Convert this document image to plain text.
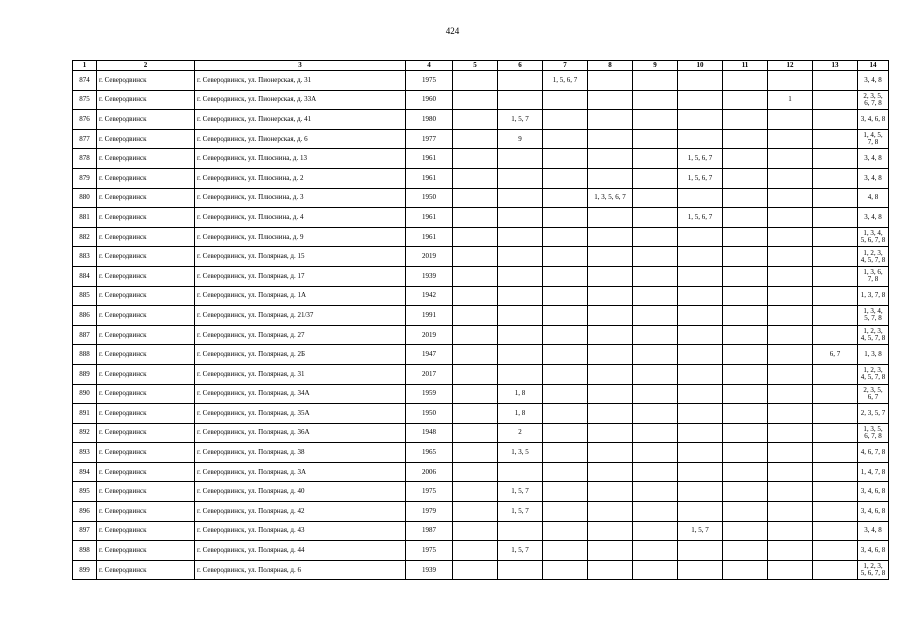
424
1	2	3	4	5	6	7	8	9	10	11	12	13	14
874	г. Северодвинск	г. Северодвинск, ул. Пионерская, д. 31	1975			1, 5, 6, 7							3, 4, 8
875	г. Северодвинск	г. Северодвинск, ул. Пионерская, д. 33А	1960								1		2, 3, 5, 6, 7, 8
876	г. Северодвинск	г. Северодвинск, ул. Пионерская, д. 41	1980		1, 5, 7								3, 4, 6, 8
877	г. Северодвинск	г. Северодвинск, ул. Пионерская, д. 6	1977		9								1, 4, 5, 7, 8
878	г. Северодвинск	г. Северодвинск, ул. Плюснина, д. 13	1961						1, 5, 6, 7				3, 4, 8
879	г. Северодвинск	г. Северодвинск, ул. Плюснина, д. 2	1961						1, 5, 6, 7				3, 4, 8
880	г. Северодвинск	г. Северодвинск, ул. Плюснина, д. 3	1950				1, 3, 5, 6, 7						4, 8
881	г. Северодвинск	г. Северодвинск, ул. Плюснина, д. 4	1961						1, 5, 6, 7				3, 4, 8
882	г. Северодвинск	г. Северодвинск, ул. Плюснина, д. 9	1961										1, 3, 4, 5, 6, 7, 8
883	г. Северодвинск	г. Северодвинск, ул. Полярная, д. 15	2019										1, 2, 3, 4, 5, 7, 8
884	г. Северодвинск	г. Северодвинск, ул. Полярная, д. 17	1939										1, 3, 6, 7, 8
885	г. Северодвинск	г. Северодвинск, ул. Полярная, д. 1А	1942										1, 3, 7, 8
886	г. Северодвинск	г. Северодвинск, ул. Полярная, д. 21/37	1991										1, 3, 4, 5, 7, 8
887	г. Северодвинск	г. Северодвинск, ул. Полярная, д. 27	2019										1, 2, 3, 4, 5, 7, 8
888	г. Северодвинск	г. Северодвинск, ул. Полярная, д. 2Б	1947									6, 7	1, 3, 8
889	г. Северодвинск	г. Северодвинск, ул. Полярная, д. 31	2017										1, 2, 3, 4, 5, 7, 8
890	г. Северодвинск	г. Северодвинск, ул. Полярная, д. 34А	1959		1, 8								2, 3, 5, 6, 7
891	г. Северодвинск	г. Северодвинск, ул. Полярная, д. 35А	1950		1, 8								2, 3, 5, 7
892	г. Северодвинск	г. Северодвинск, ул. Полярная, д. 36А	1948		2								1, 3, 5, 6, 7, 8
893	г. Северодвинск	г. Северодвинск, ул. Полярная, д. 38	1965		1, 3, 5								4, 6, 7, 8
894	г. Северодвинск	г. Северодвинск, ул. Полярная, д. 3А	2006										1, 4, 7, 8
895	г. Северодвинск	г. Северодвинск, ул. Полярная, д. 40	1975		1, 5, 7								3, 4, 6, 8
896	г. Северодвинск	г. Северодвинск, ул. Полярная, д. 42	1979		1, 5, 7								3, 4, 6, 8
897	г. Северодвинск	г. Северодвинск, ул. Полярная, д. 43	1987						1, 5, 7				3, 4, 8
898	г. Северодвинск	г. Северодвинск, ул. Полярная, д. 44	1975		1, 5, 7								3, 4, 6, 8
899	г. Северодвинск	г. Северодвинск, ул. Полярная, д. 6	1939										1, 2, 3, 5, 6, 7, 8
